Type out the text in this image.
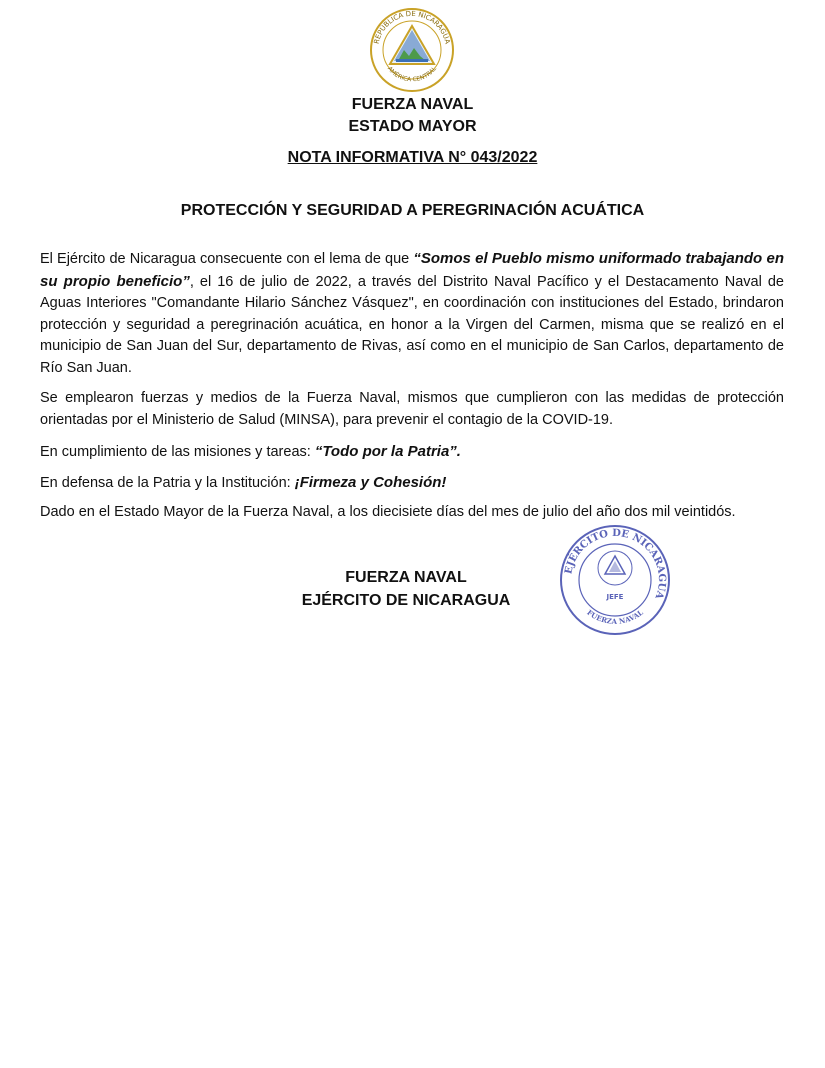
REPÚBLICA DE NICARAGUA
AMÉRICA CENTRAL
FUERZA NAVAL
ESTADO MAYOR
NOTA INFORMATIVA N° 043/2022
PROTECCIÓN Y SEGURIDAD A PEREGRINACIÓN ACUÁTICA

El Ejército de Nicaragua consecuente con el lema de que “Somos el Pueblo mismo uniformado trabajando en su propio beneficio”, el 16 de julio de 2022, a través del Distrito Naval Pacífico y el Destacamento Naval de Aguas Interiores "Comandante Hilario Sánchez Vásquez", en coordinación con instituciones del Estado, brindaron protección y seguridad a peregrinación acuática, en honor a la Virgen del Carmen, misma que se realizó en el municipio de San Juan del Sur, departamento de Rivas, así como en el municipio de San Carlos, departamento de Río San Juan.

Se emplearon fuerzas y medios de la Fuerza Naval, mismos que cumplieron con las medidas de protección orientadas por el Ministerio de Salud (MINSA), para prevenir el contagio de la COVID-19.

En cumplimiento de las misiones y tareas: “Todo por la Patria”.

En defensa de la Patria y la Institución: ¡Firmeza y Cohesión!

Dado en el Estado Mayor de la Fuerza Naval, a los diecisiete días del mes de julio del año dos mil veintidós.

FUERZA NAVAL
EJÉRCITO DE NICARAGUA
EJÉRCITO DE NICARAGUA
JEFE
FUERZA NAVAL
